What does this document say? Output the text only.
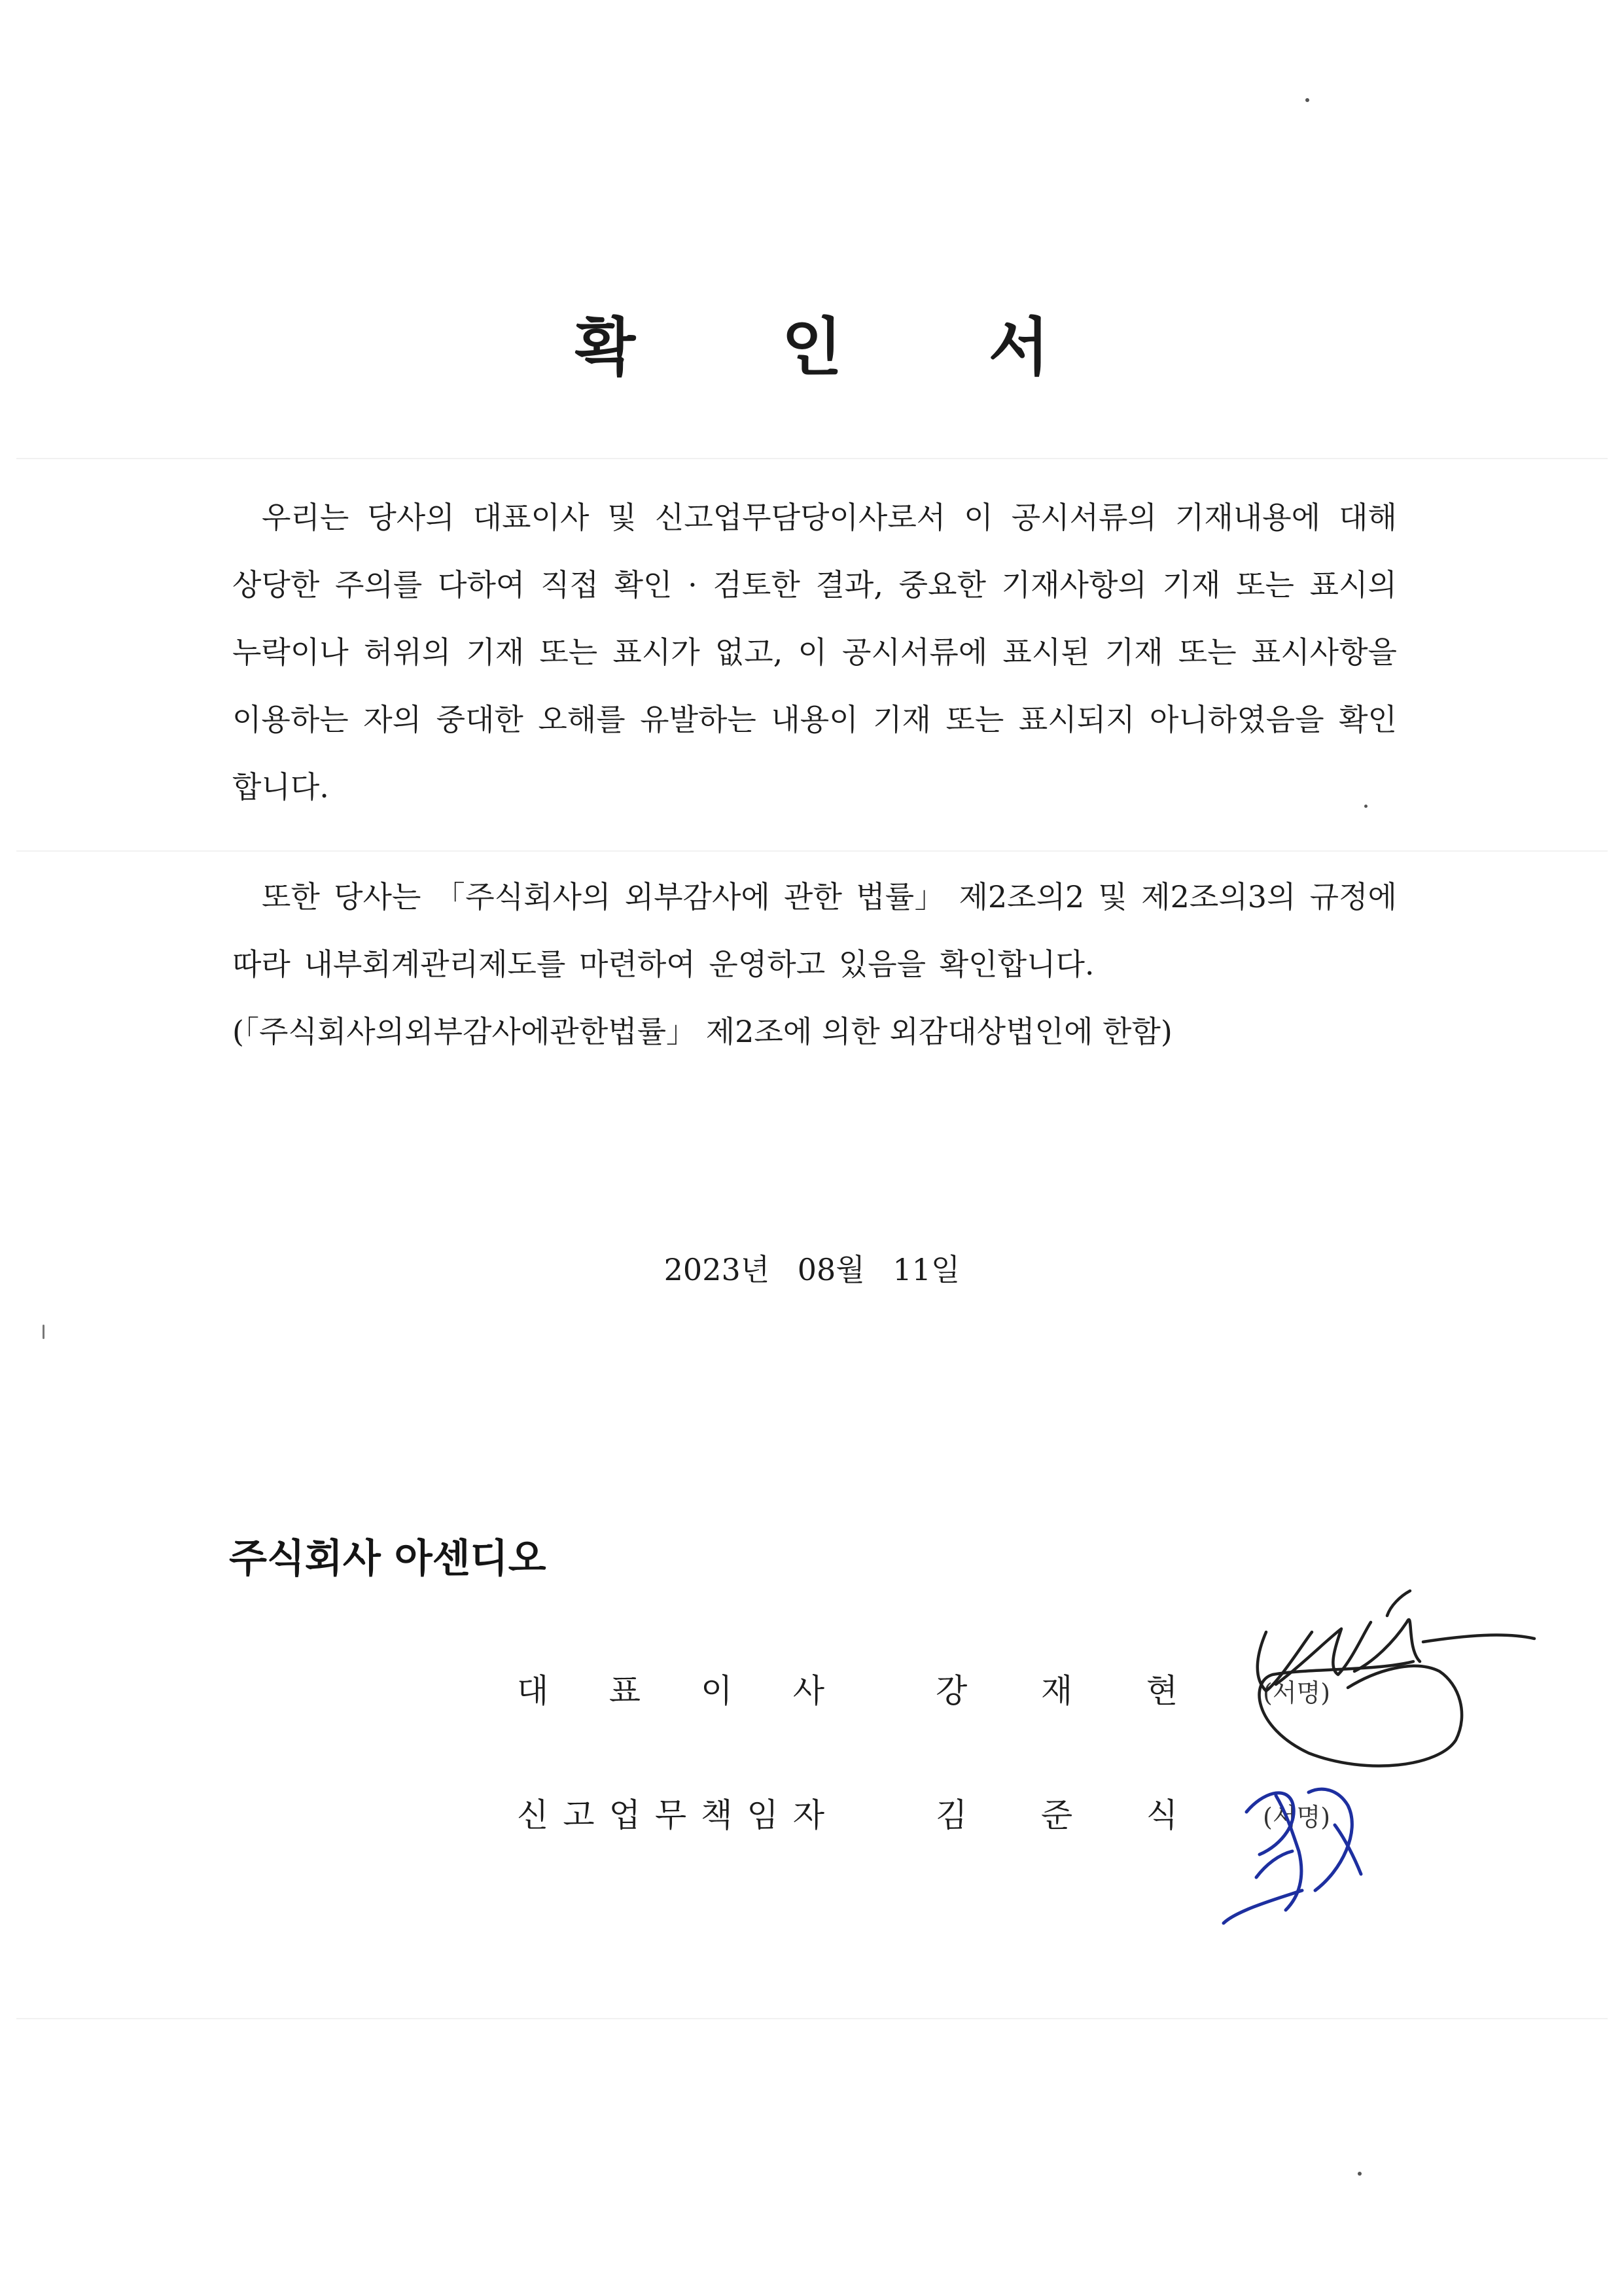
확 인 서

우리는 당사의 대표이사 및 신고업무담당이사로서 이 공시서류의 기재내용에 대해 상당한 주의를 다하여 직접 확인 · 검토한 결과, 중요한 기재사항의 기재 또는 표시의 누락이나 허위의 기재 또는 표시가 없고, 이 공시서류에 표시된 기재 또는 표시사항을 이용하는 자의 중대한 오해를 유발하는 내용이 기재 또는 표시되지 아니하였음을 확인합니다.

또한 당사는 「주식회사의 외부감사에 관한 법률」 제2조의2 및 제2조의3의 규정에 따라 내부회계관리제도를 마련하여 운영하고 있음을 확인합니다.

(「주식회사의외부감사에관한법률」 제2조에 의한 외감대상법인에 한함)

2023년 08월 11일
주식회사 아센디오
대 표 이 사	강 재 현	(서명)
신 고 업 무 책 임 자	김 준 식	(서명)
